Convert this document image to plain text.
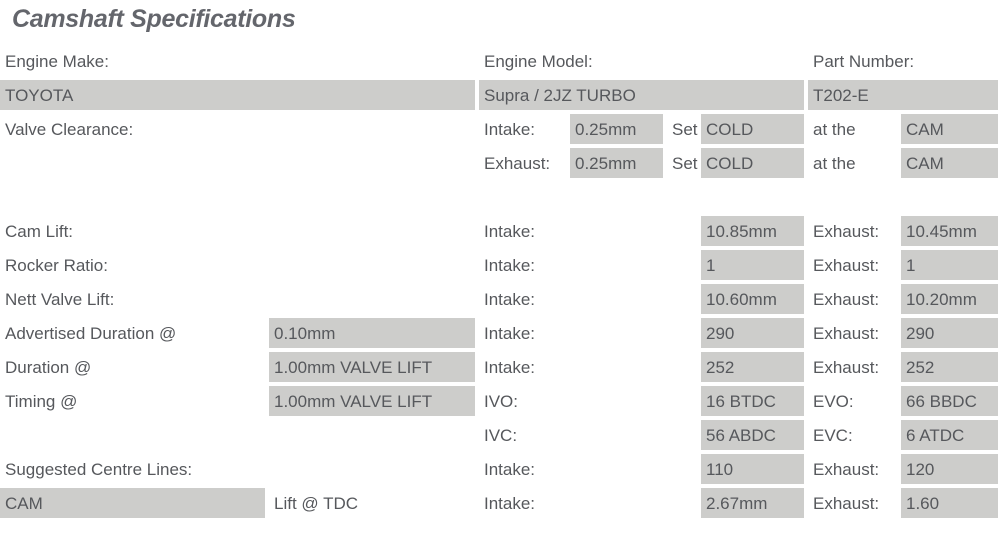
Camshaft Specifications
Engine Make:	Engine Model:	Part Number:
TOYOTA	Supra / 2JZ TURBO	T202-E
Valve Clearance:	Intake:	0.25mm	Set COLD	at the	CAM
Exhaust:	0.25mm	Set COLD	at the	CAM
Cam Lift:	Intake:	10.85mm	Exhaust:	10.45mm
Rocker Ratio:	Intake:	1	Exhaust:	1
Nett Valve Lift:	Intake:	10.60mm	Exhaust:	10.20mm
Advertised Duration @	0.10mm	Intake:	290	Exhaust:	290
Duration @	1.00mm VALVE LIFT	Intake:	252	Exhaust:	252
Timing @	1.00mm VALVE LIFT	IVO:	16 BTDC	EVO:	66 BBDC
IVC:	56 ABDC	EVC:	6 ATDC
Suggested Centre Lines:	Intake:	110	Exhaust:	120
CAM	Lift @ TDC	Intake:	2.67mm	Exhaust:	1.60
